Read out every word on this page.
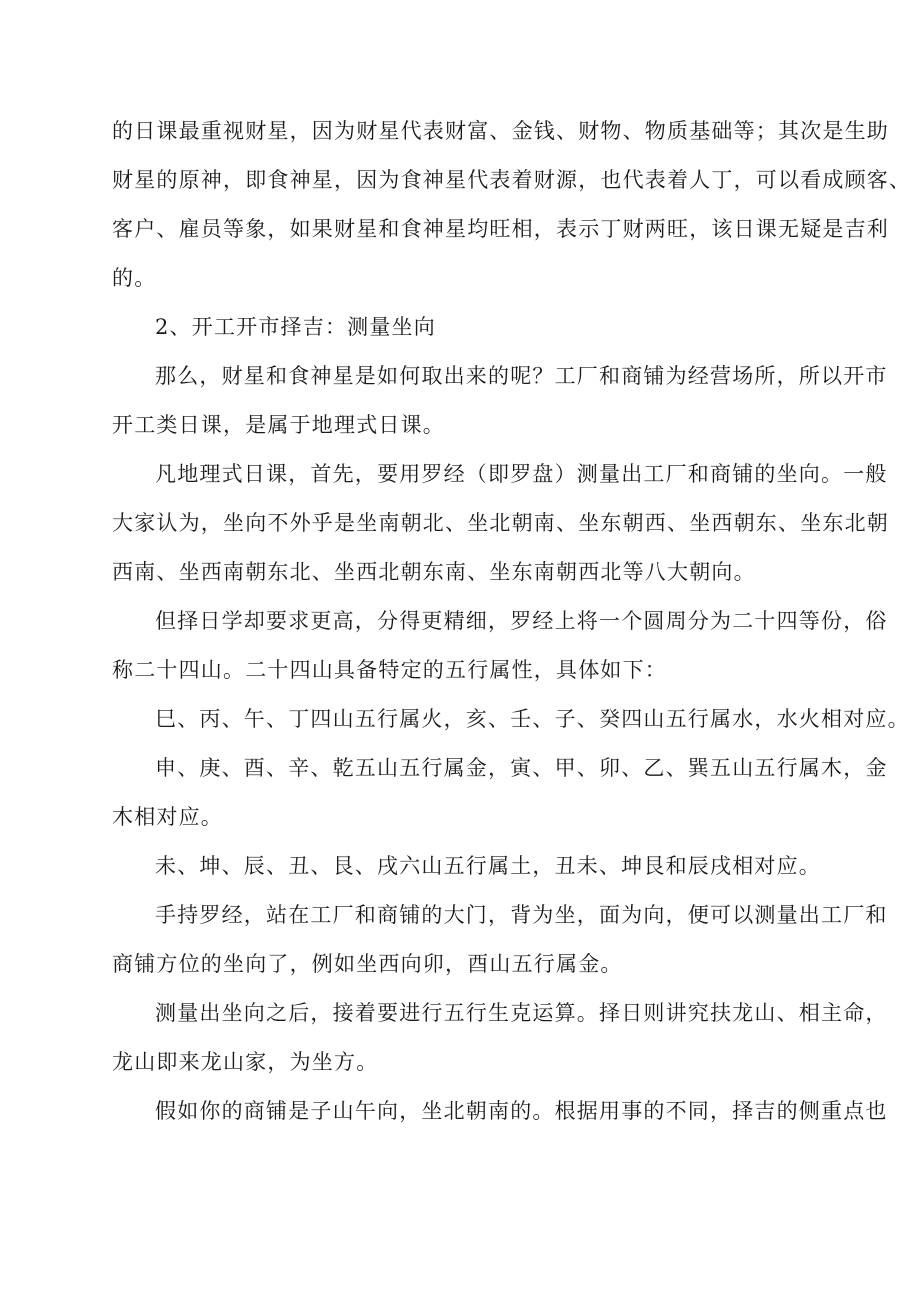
的日课最重视财星，因为财星代表财富、金钱、财物、物质基础等；其次是生助
财星的原神，即食神星，因为食神星代表着财源，也代表着人丁，可以看成顾客、
客户、雇员等象，如果财星和食神星均旺相，表示丁财两旺，该日课无疑是吉利
的。
2、开工开市择吉：测量坐向
那么，财星和食神星是如何取出来的呢？工厂和商铺为经营场所，所以开市
开工类日课，是属于地理式日课。
凡地理式日课，首先，要用罗经（即罗盘）测量出工厂和商铺的坐向。一般
大家认为，坐向不外乎是坐南朝北、坐北朝南、坐东朝西、坐西朝东、坐东北朝
西南、坐西南朝东北、坐西北朝东南、坐东南朝西北等八大朝向。
但择日学却要求更高，分得更精细，罗经上将一个圆周分为二十四等份，俗
称二十四山。二十四山具备特定的五行属性，具体如下：
巳、丙、午、丁四山五行属火，亥、壬、子、癸四山五行属水，水火相对应。
申、庚、酉、辛、乾五山五行属金，寅、甲、卯、乙、巽五山五行属木，金
木相对应。
未、坤、辰、丑、艮、戌六山五行属土，丑未、坤艮和辰戌相对应。
手持罗经，站在工厂和商铺的大门，背为坐，面为向，便可以测量出工厂和
商铺方位的坐向了，例如坐西向卯，酉山五行属金。
测量出坐向之后，接着要进行五行生克运算。择日则讲究扶龙山、相主命，
龙山即来龙山家，为坐方。
假如你的商铺是子山午向，坐北朝南的。根据用事的不同，择吉的侧重点也
